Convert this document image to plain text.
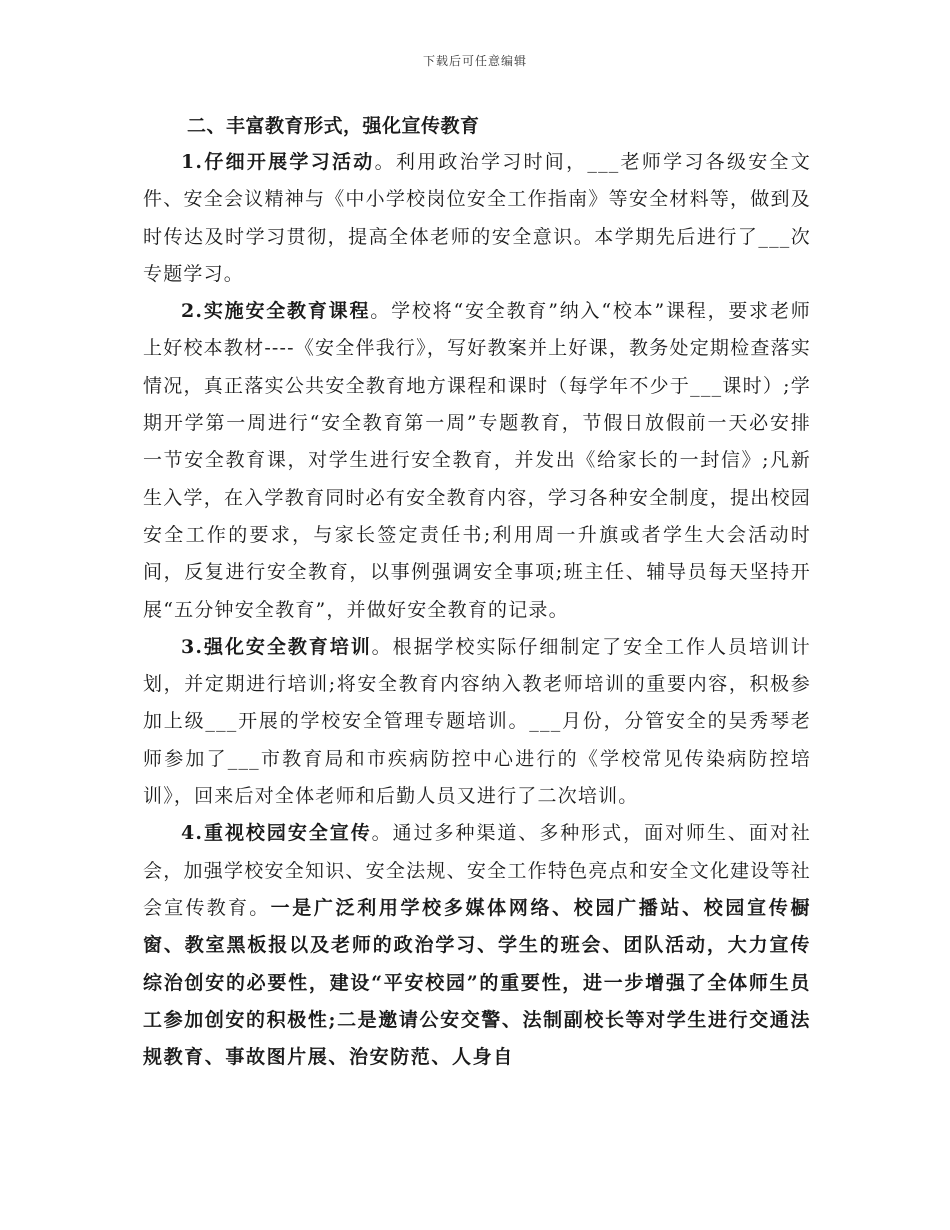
下载后可任意编辑

二、丰富教育形式，强化宣传教育

1.仔细开展学习活动。利用政治学习时间，___老师学习各级安全文件、安全会议精神与《中小学校岗位安全工作指南》等安全材料等，做到及时传达及时学习贯彻，提高全体老师的安全意识。本学期先后进行了___次专题学习。

2.实施安全教育课程。学校将“安全教育”纳入“校本”课程，要求老师上好校本教材----《安全伴我行》，写好教案并上好课，教务处定期检查落实情况，真正落实公共安全教育地方课程和课时（每学年不少于___课时）;学期开学第一周进行“安全教育第一周”专题教育，节假日放假前一天必安排一节安全教育课，对学生进行安全教育，并发出《给家长的一封信》;凡新生入学，在入学教育同时必有安全教育内容，学习各种安全制度，提出校园安全工作的要求，与家长签定责任书;利用周一升旗或者学生大会活动时间，反复进行安全教育，以事例强调安全事项;班主任、辅导员每天坚持开展“五分钟安全教育”，并做好安全教育的记录。

3.强化安全教育培训。根据学校实际仔细制定了安全工作人员培训计划，并定期进行培训;将安全教育内容纳入教老师培训的重要内容，积极参加上级___开展的学校安全管理专题培训。___月份，分管安全的吴秀琴老师参加了___市教育局和市疾病防控中心进行的《学校常见传染病防控培训》，回来后对全体老师和后勤人员又进行了二次培训。

4.重视校园安全宣传。通过多种渠道、多种形式，面对师生、面对社会，加强学校安全知识、安全法规、安全工作特色亮点和安全文化建设等社会宣传教育。一是广泛利用学校多媒体网络、校园广播站、校园宣传橱窗、教室黑板报以及老师的政治学习、学生的班会、团队活动，大力宣传综治创安的必要性，建设“平安校园”的重要性，进一步增强了全体师生员工参加创安的积极性;二是邀请公安交警、法制副校长等对学生进行交通法规教育、事故图片展、治安防范、人身自
